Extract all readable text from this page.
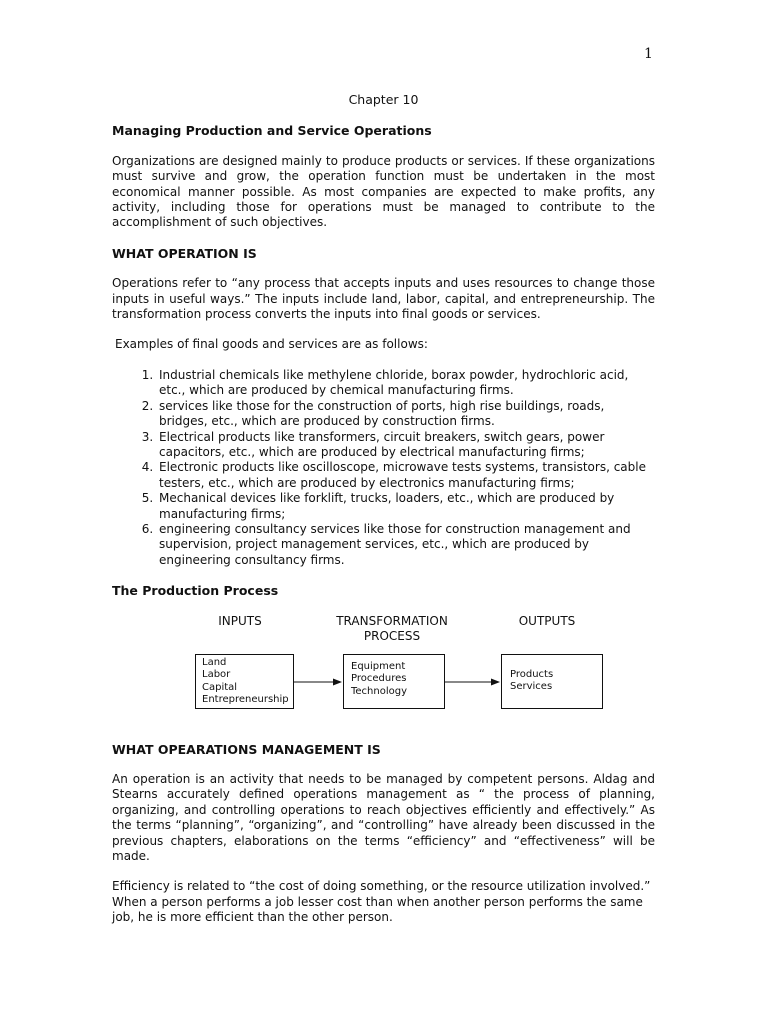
1
Chapter 10
Managing Production and Service Operations

Organizations are designed mainly to produce products or services. If these organizations must survive and grow, the operation function must be undertaken in the most economical manner possible. As most companies are expected to make profits, any activity, including those for operations must be managed to contribute to the accomplishment of such objectives.

WHAT OPERATION IS

Operations refer to “any process that accepts inputs and uses resources to change those inputs in useful ways.” The inputs include land, labor, capital, and entrepreneurship. The transformation process converts the inputs into final goods or services.

Examples of final goods and services are as follows:

1. Industrial chemicals like methylene chloride, borax powder, hydrochloric acid, etc., which are produced by chemical manufacturing firms.
2. services like those for the construction of ports, high rise buildings, roads, bridges, etc., which are produced by construction firms.
3. Electrical products like transformers, circuit breakers, switch gears, power capacitors, etc., which are produced by electrical manufacturing firms;
4. Electronic products like oscilloscope, microwave tests systems, transistors, cable testers, etc., which are produced by electronics manufacturing firms;
5. Mechanical devices like forklift, trucks, loaders, etc., which are produced by manufacturing firms;
6. engineering consultancy services like those for construction management and supervision, project management services, etc., which are produced by engineering consultancy firms.
The Production Process
INPUTS	TRANSFORMATION
PROCESS
OUTPUTS
Land
Labor
Capital
Entrepreneurship
Equipment
Procedures
Technology
Products
Services
WHAT OPEARATIONS MANAGEMENT IS

An operation is an activity that needs to be managed by competent persons. Aldag and Stearns accurately defined operations management as “ the process of planning, organizing, and controlling operations to reach objectives efficiently and effectively.” As the terms “planning”, “organizing”, and “controlling” have already been discussed in the previous chapters, elaborations on the terms “efficiency” and “effectiveness” will be made.

Efficiency is related to “the cost of doing something, or the resource utilization involved.” When a person performs a job lesser cost than when another person performs the same job, he is more efficient than the other person.
